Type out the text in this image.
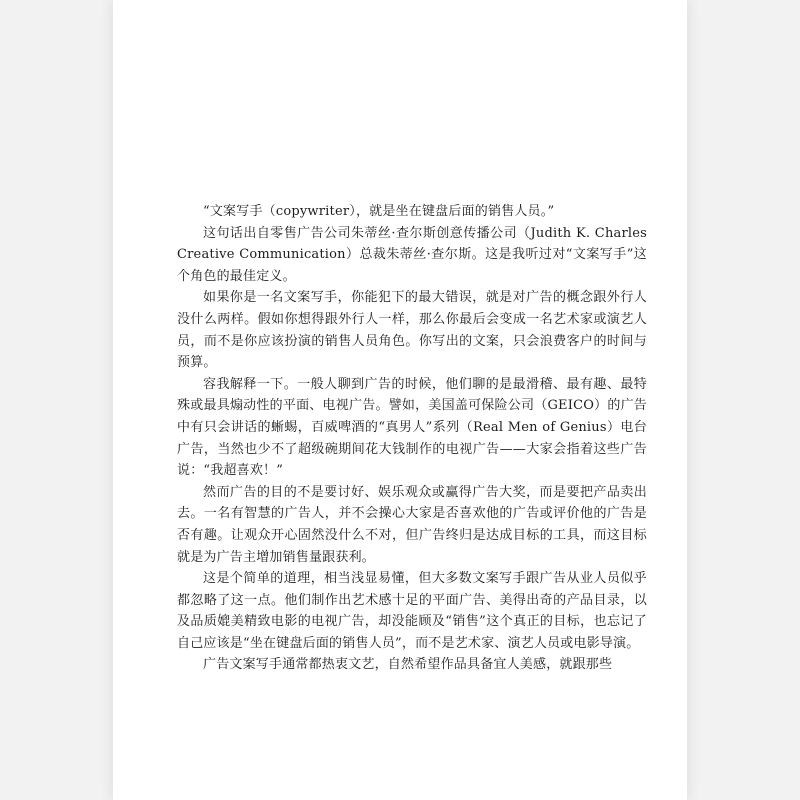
“文案写手（copywriter），就是坐在键盘后面的销售人员。”

这句话出自零售广告公司朱蒂丝·查尔斯创意传播公司（Judith K. Charles Creative Communication）总裁朱蒂丝·查尔斯。这是我听过对“文案写手”这个角色的最佳定义。

如果你是一名文案写手，你能犯下的最大错误，就是对广告的概念跟外行人没什么两样。假如你想得跟外行人一样，那么你最后会变成一名艺术家或演艺人员，而不是你应该扮演的销售人员角色。你写出的文案，只会浪费客户的时间与预算。

容我解释一下。一般人聊到广告的时候，他们聊的是最滑稽、最有趣、最特殊或最具煽动性的平面、电视广告。譬如，美国盖可保险公司（GEICO）的广告中有只会讲话的蜥蜴，百威啤酒的“真男人”系列（Real Men of Genius）电台广告，当然也少不了超级碗期间花大钱制作的电视广告——大家会指着这些广告说：“我超喜欢！”

然而广告的目的不是要讨好、娱乐观众或赢得广告大奖，而是要把产品卖出去。一名有智慧的广告人，并不会操心大家是否喜欢他的广告或评价他的广告是否有趣。让观众开心固然没什么不对，但广告终归是达成目标的工具，而这目标就是为广告主增加销售量跟获利。

这是个简单的道理，相当浅显易懂，但大多数文案写手跟广告从业人员似乎都忽略了这一点。他们制作出艺术感十足的平面广告、美得出奇的产品目录，以及品质媲美精致电影的电视广告，却没能顾及“销售”这个真正的目标，也忘记了自己应该是“坐在键盘后面的销售人员”，而不是艺术家、演艺人员或电影导演。

广告文案写手通常都热衷文艺，自然希望作品具备宜人美感，就跟那些
